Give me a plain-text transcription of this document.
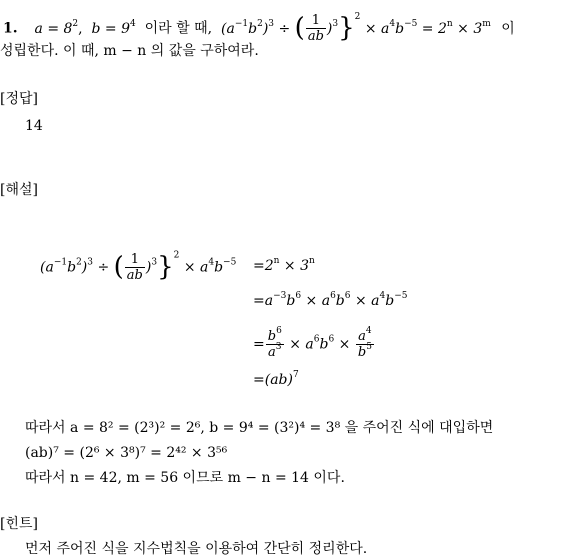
1. $a = 8^2$,  $b = 9^4$  이라 할 때,  $(a^{-1}b^2)^3$ ÷ ( $\frac{1}{ab} )^3\}^2 \times a^4b^{-5} = 2^n \times 3^m$ 이
성립한다. 이 때, m − n 의 값을 구하여라.
[정답]
14
[해설]
$(a^{-1}b^2)^3$ ÷ ( $\frac{1}{ab} )^3\}^2 \times a^4b^{-5} =2^n \times 3^n$
$=a^{-3}b^6 \times a^6b^6 \times a^4b^{-5}$
= $\frac{b^6}{a^3} \times a^6b^6 \times \frac{a^4}{b^5}$
=(ab)$^7$
따라서 a = 8² = (2³)² = 2⁶, b = 9⁴ = (3²)⁴ = 3⁸ 을 주어진 식에 대입하면
(ab)⁷ = (2⁶ × 3⁸)⁷ = 2⁴² × 3⁵⁶
따라서 n = 42, m = 56 이므로 m − n = 14 이다.
[힌트]
먼저 주어진 식을 지수법칙을 이용하여 간단히 정리한다.
